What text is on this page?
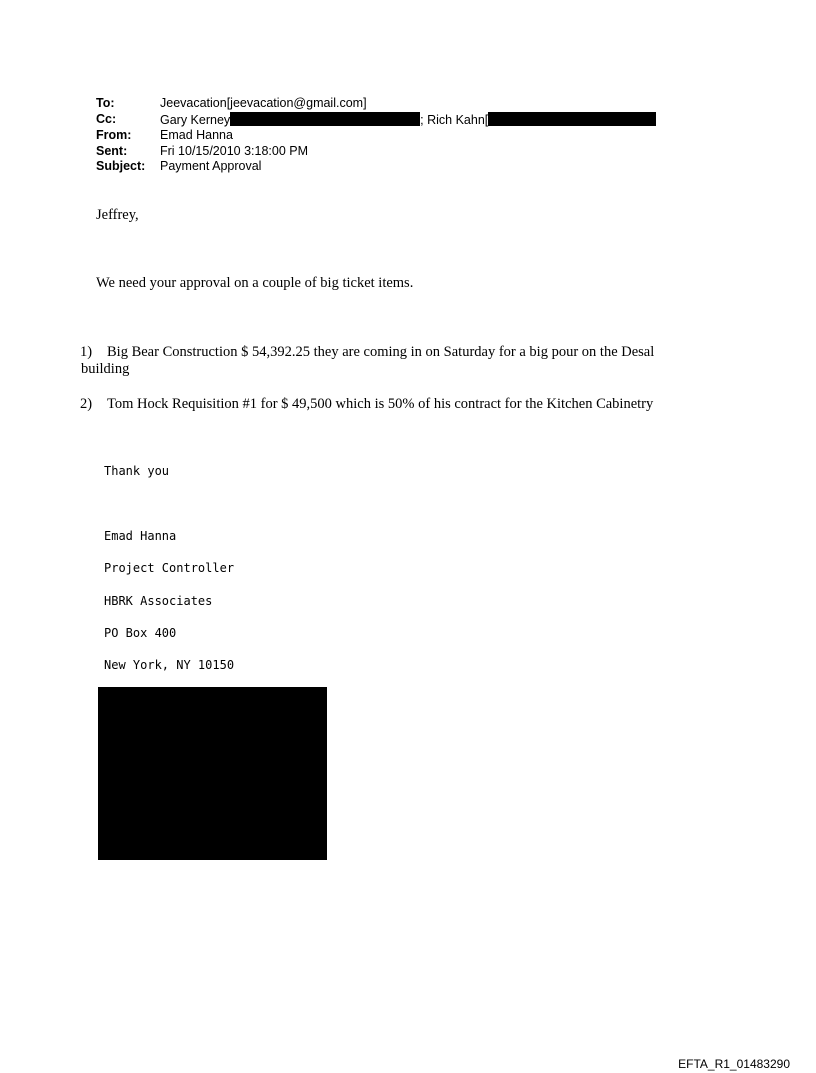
To:	Jeevacation[jeevacation@gmail.com]
Cc:	Gary Kerney	; Rich Kahn[
From:	Emad Hanna
Sent:	Fri 10/15/2010 3:18:00 PM
Subject:	Payment Approval
Jeffrey,
We need your approval on a couple of big ticket items.
1) Big Bear Construction $ 54,392.25 they are coming in on Saturday for a big pour on the Desal
building
2) Tom Hock Requisition #1 for $ 49,500 which is 50% of his contract for the Kitchen Cabinetry
Thank you
Emad Hanna
Project Controller
HBRK Associates
PO Box 400
New York, NY 10150
EFTA_R1_01483290
